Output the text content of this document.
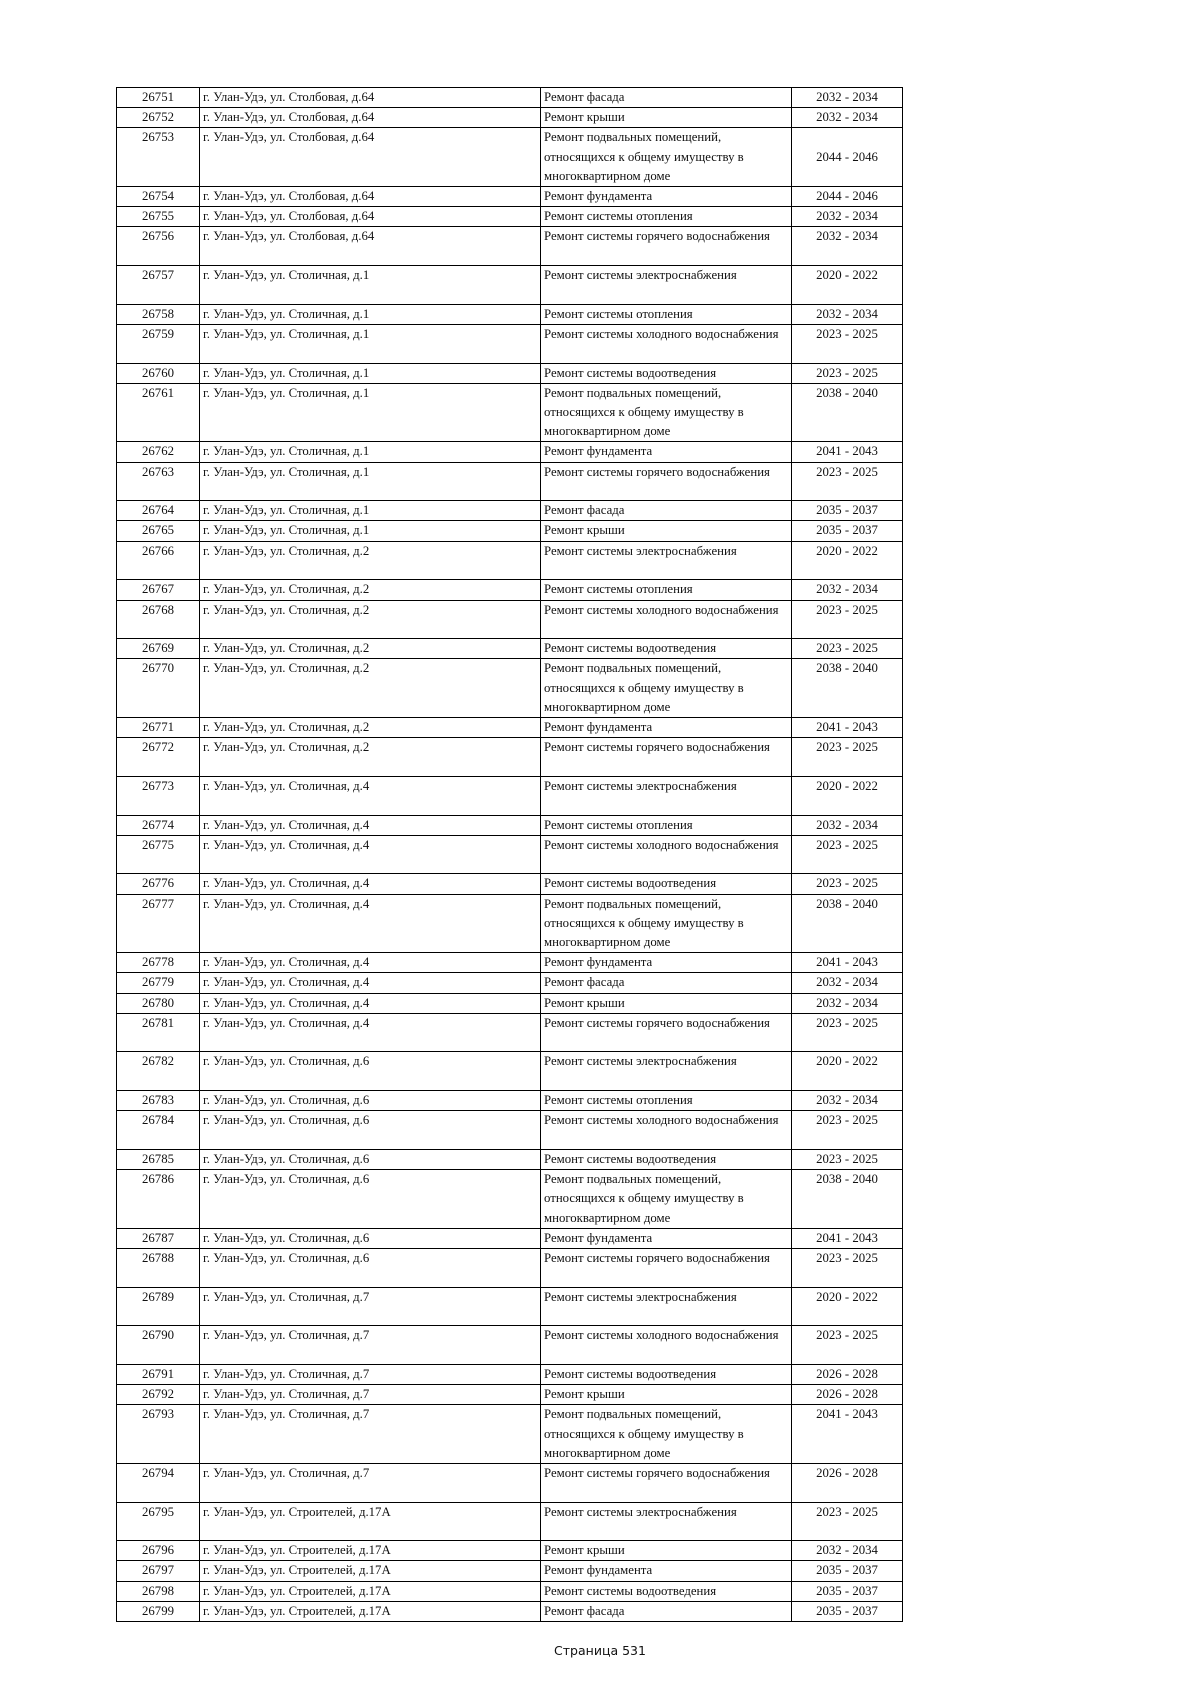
26751	г. Улан-Удэ, ул. Столбовая, д.64	Ремонт фасада	2032 - 2034
26752	г. Улан-Удэ, ул. Столбовая, д.64	Ремонт крыши	2032 - 2034
26753	г. Улан-Удэ, ул. Столбовая, д.64	Ремонт подвальных помещений, относящихся к общему имуществу в многоквартирном доме	2044 - 2046
26754	г. Улан-Удэ, ул. Столбовая, д.64	Ремонт фундамента	2044 - 2046
26755	г. Улан-Удэ, ул. Столбовая, д.64	Ремонт системы отопления	2032 - 2034
26756	г. Улан-Удэ, ул. Столбовая, д.64	Ремонт системы горячего водоснабжения	2032 - 2034
26757	г. Улан-Удэ, ул. Столичная, д.1	Ремонт системы электроснабжения	2020 - 2022
26758	г. Улан-Удэ, ул. Столичная, д.1	Ремонт системы отопления	2032 - 2034
26759	г. Улан-Удэ, ул. Столичная, д.1	Ремонт системы холодного водоснабжения	2023 - 2025
26760	г. Улан-Удэ, ул. Столичная, д.1	Ремонт системы водоотведения	2023 - 2025
26761	г. Улан-Удэ, ул. Столичная, д.1	Ремонт подвальных помещений, относящихся к общему имуществу в многоквартирном доме	2038 - 2040
26762	г. Улан-Удэ, ул. Столичная, д.1	Ремонт фундамента	2041 - 2043
26763	г. Улан-Удэ, ул. Столичная, д.1	Ремонт системы горячего водоснабжения	2023 - 2025
26764	г. Улан-Удэ, ул. Столичная, д.1	Ремонт фасада	2035 - 2037
26765	г. Улан-Удэ, ул. Столичная, д.1	Ремонт крыши	2035 - 2037
26766	г. Улан-Удэ, ул. Столичная, д.2	Ремонт системы электроснабжения	2020 - 2022
26767	г. Улан-Удэ, ул. Столичная, д.2	Ремонт системы отопления	2032 - 2034
26768	г. Улан-Удэ, ул. Столичная, д.2	Ремонт системы холодного водоснабжения	2023 - 2025
26769	г. Улан-Удэ, ул. Столичная, д.2	Ремонт системы водоотведения	2023 - 2025
26770	г. Улан-Удэ, ул. Столичная, д.2	Ремонт подвальных помещений, относящихся к общему имуществу в многоквартирном доме	2038 - 2040
26771	г. Улан-Удэ, ул. Столичная, д.2	Ремонт фундамента	2041 - 2043
26772	г. Улан-Удэ, ул. Столичная, д.2	Ремонт системы горячего водоснабжения	2023 - 2025
26773	г. Улан-Удэ, ул. Столичная, д.4	Ремонт системы электроснабжения	2020 - 2022
26774	г. Улан-Удэ, ул. Столичная, д.4	Ремонт системы отопления	2032 - 2034
26775	г. Улан-Удэ, ул. Столичная, д.4	Ремонт системы холодного водоснабжения	2023 - 2025
26776	г. Улан-Удэ, ул. Столичная, д.4	Ремонт системы водоотведения	2023 - 2025
26777	г. Улан-Удэ, ул. Столичная, д.4	Ремонт подвальных помещений, относящихся к общему имуществу в многоквартирном доме	2038 - 2040
26778	г. Улан-Удэ, ул. Столичная, д.4	Ремонт фундамента	2041 - 2043
26779	г. Улан-Удэ, ул. Столичная, д.4	Ремонт фасада	2032 - 2034
26780	г. Улан-Удэ, ул. Столичная, д.4	Ремонт крыши	2032 - 2034
26781	г. Улан-Удэ, ул. Столичная, д.4	Ремонт системы горячего водоснабжения	2023 - 2025
26782	г. Улан-Удэ, ул. Столичная, д.6	Ремонт системы электроснабжения	2020 - 2022
26783	г. Улан-Удэ, ул. Столичная, д.6	Ремонт системы отопления	2032 - 2034
26784	г. Улан-Удэ, ул. Столичная, д.6	Ремонт системы холодного водоснабжения	2023 - 2025
26785	г. Улан-Удэ, ул. Столичная, д.6	Ремонт системы водоотведения	2023 - 2025
26786	г. Улан-Удэ, ул. Столичная, д.6	Ремонт подвальных помещений, относящихся к общему имуществу в многоквартирном доме	2038 - 2040
26787	г. Улан-Удэ, ул. Столичная, д.6	Ремонт фундамента	2041 - 2043
26788	г. Улан-Удэ, ул. Столичная, д.6	Ремонт системы горячего водоснабжения	2023 - 2025
26789	г. Улан-Удэ, ул. Столичная, д.7	Ремонт системы электроснабжения	2020 - 2022
26790	г. Улан-Удэ, ул. Столичная, д.7	Ремонт системы холодного водоснабжения	2023 - 2025
26791	г. Улан-Удэ, ул. Столичная, д.7	Ремонт системы водоотведения	2026 - 2028
26792	г. Улан-Удэ, ул. Столичная, д.7	Ремонт крыши	2026 - 2028
26793	г. Улан-Удэ, ул. Столичная, д.7	Ремонт подвальных помещений, относящихся к общему имуществу в многоквартирном доме	2041 - 2043
26794	г. Улан-Удэ, ул. Столичная, д.7	Ремонт системы горячего водоснабжения	2026 - 2028
26795	г. Улан-Удэ, ул. Строителей, д.17А	Ремонт системы электроснабжения	2023 - 2025
26796	г. Улан-Удэ, ул. Строителей, д.17А	Ремонт крыши	2032 - 2034
26797	г. Улан-Удэ, ул. Строителей, д.17А	Ремонт фундамента	2035 - 2037
26798	г. Улан-Удэ, ул. Строителей, д.17А	Ремонт системы водоотведения	2035 - 2037
26799	г. Улан-Удэ, ул. Строителей, д.17А	Ремонт фасада	2035 - 2037
Страница 531
